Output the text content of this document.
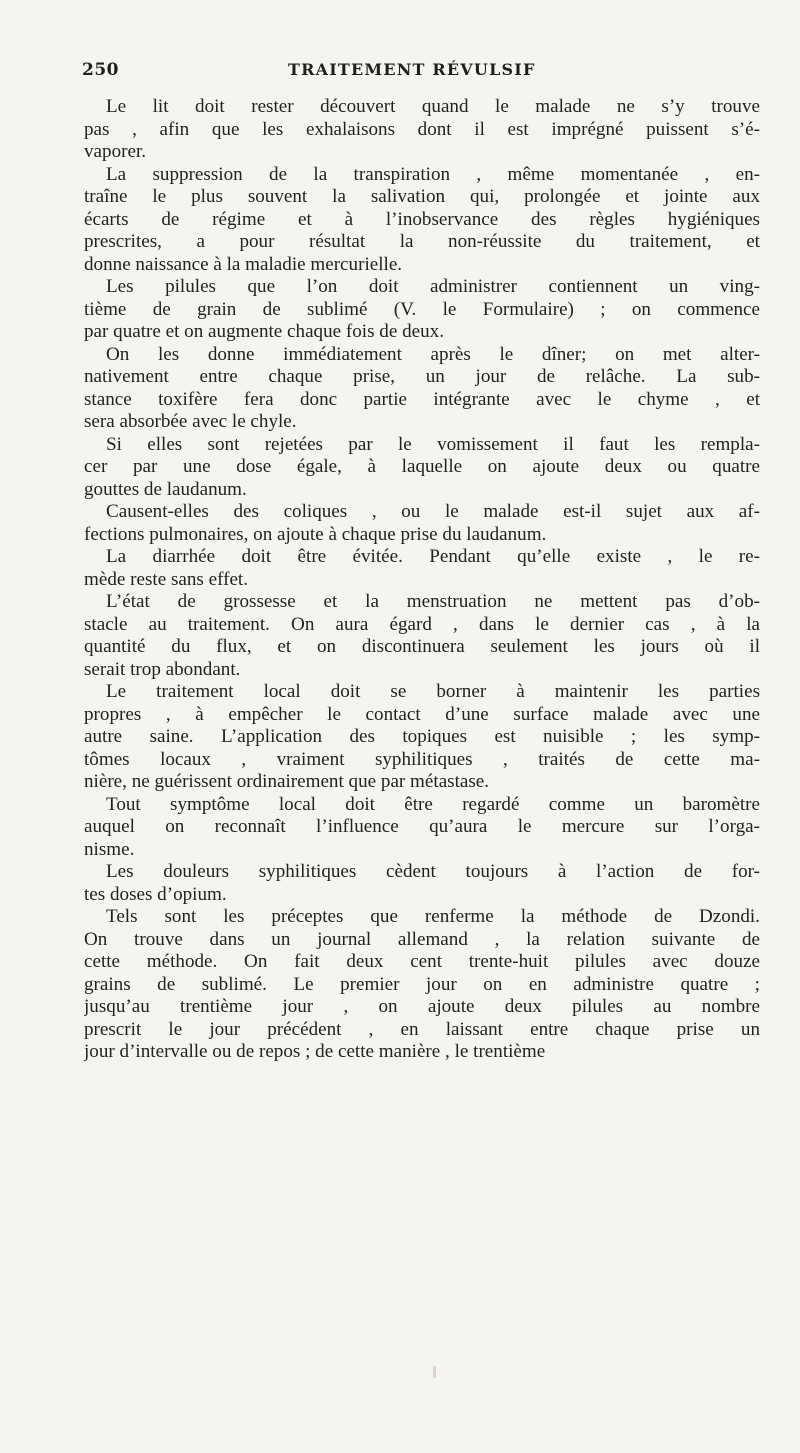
250	TRAITEMENT RÉVULSIF
Le lit doit rester découvert quand le malade ne s’y trouve
pas , afin que les exhalaisons dont il est imprégné puissent s’é-
vaporer.
La suppression de la transpiration , même momentanée , en-
traîne le plus souvent la salivation qui, prolongée et jointe aux
écarts de régime et à l’inobservance des règles hygiéniques
prescrites, a pour résultat la non-réussite du traitement, et
donne naissance à la maladie mercurielle.
Les pilules que l’on doit administrer contiennent un ving-
tième de grain de sublimé (V. le Formulaire) ; on commence
par quatre et on augmente chaque fois de deux.
On les donne immédiatement après le dîner; on met alter-
nativement entre chaque prise, un jour de relâche. La sub-
stance toxifère fera donc partie intégrante avec le chyme , et
sera absorbée avec le chyle.
Si elles sont rejetées par le vomissement il faut les rempla-
cer par une dose égale, à laquelle on ajoute deux ou quatre
gouttes de laudanum.
Causent-elles des coliques , ou le malade est-il sujet aux af-
fections pulmonaires, on ajoute à chaque prise du laudanum.
La diarrhée doit être évitée. Pendant qu’elle existe , le re-
mède reste sans effet.
L’état de grossesse et la menstruation ne mettent pas d’ob-
stacle au traitement. On aura égard , dans le dernier cas , à la
quantité du flux, et on discontinuera seulement les jours où il
serait trop abondant.
Le traitement local doit se borner à maintenir les parties
propres , à empêcher le contact d’une surface malade avec une
autre saine. L’application des topiques est nuisible ; les symp-
tômes locaux , vraiment syphilitiques , traités de cette ma-
nière, ne guérissent ordinairement que par métastase.
Tout symptôme local doit être regardé comme un baromètre
auquel on reconnaît l’influence qu’aura le mercure sur l’orga-
nisme.
Les douleurs syphilitiques cèdent toujours à l’action de for-
tes doses d’opium.
Tels sont les préceptes que renferme la méthode de Dzondi.
On trouve dans un journal allemand , la relation suivante de
cette méthode. On fait deux cent trente-huit pilules avec douze
grains de sublimé. Le premier jour on en administre quatre ;
jusqu’au trentième jour , on ajoute deux pilules au nombre
prescrit le jour précédent , en laissant entre chaque prise un
jour d’intervalle ou de repos ; de cette manière , le trentième
